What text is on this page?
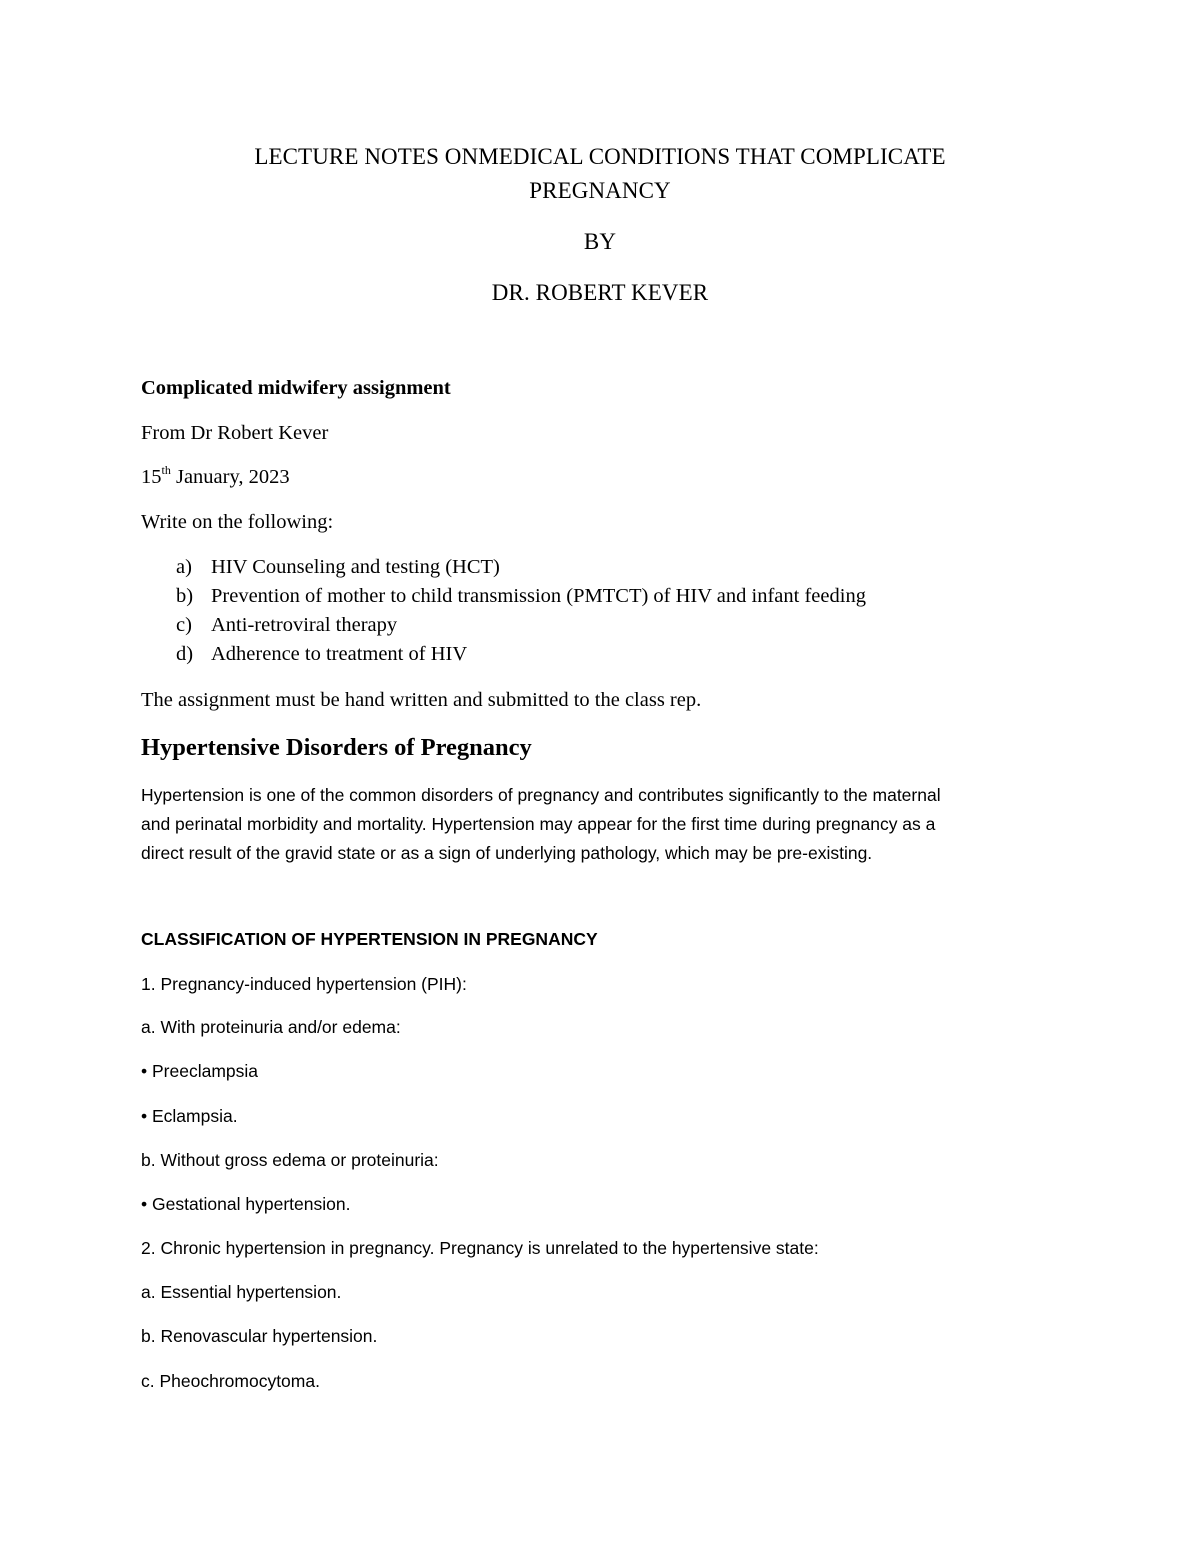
LECTURE NOTES ONMEDICAL CONDITIONS THAT COMPLICATE

PREGNANCY

BY

DR. ROBERT KEVER

Complicated midwifery assignment

From Dr Robert Kever

15th January, 2023

Write on the following:

a) HIV Counseling and testing (HCT)

b) Prevention of mother to child transmission (PMTCT) of HIV and infant feeding

c) Anti-retroviral therapy

d) Adherence to treatment of HIV

The assignment must be hand written and submitted to the class rep.

Hypertensive Disorders of Pregnancy

Hypertension is one of the common disorders of pregnancy and contributes significantly to the maternal

and perinatal morbidity and mortality. Hypertension may appear for the first time during pregnancy as a

direct result of the gravid state or as a sign of underlying pathology, which may be pre-existing.

CLASSIFICATION OF HYPERTENSION IN PREGNANCY

1. Pregnancy-induced hypertension (PIH):

a. With proteinuria and/or edema:

• Preeclampsia

• Eclampsia.

b. Without gross edema or proteinuria:

• Gestational hypertension.

2. Chronic hypertension in pregnancy. Pregnancy is unrelated to the hypertensive state:

a. Essential hypertension.

b. Renovascular hypertension.

c. Pheochromocytoma.
